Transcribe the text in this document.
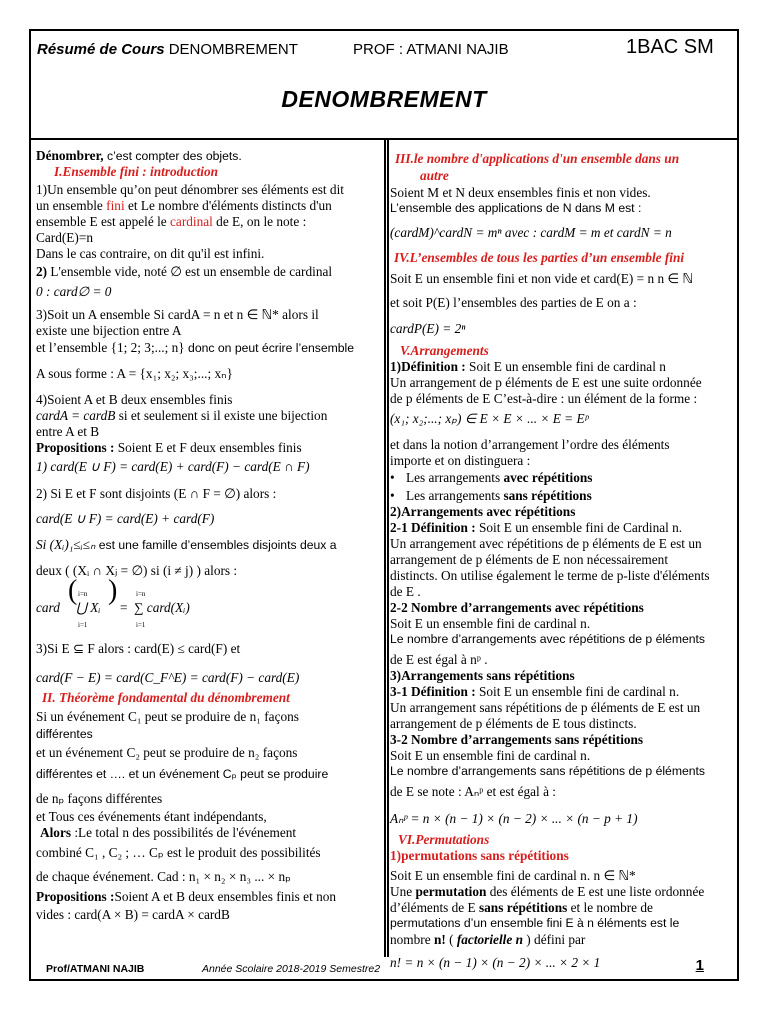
Résumé de Cours DENOMBREMENT	PROF : ATMANI NAJIB	1BAC SM
DENOMBREMENT
Dénombrer, c’est compter des objets.
I.Ensemble fini : introduction
1)Un ensemble qu’on peut dénombrer ses éléments est dit
un ensemble fini et Le nombre d'éléments distincts d'un
ensemble E est appelé le cardinal de E, on le note :
Card(E)=n
Dans le cas contraire, on dit qu'il est infini.
2) L'ensemble vide, noté ∅ est un ensemble de cardinal
0 : card∅ = 0
3)Soit un A ensemble Si cardA = n et n ∈ ℕ* alors il
existe une bijection entre A
et l’ensemble {1; 2; 3;...; n} donc on peut écrire l’ensemble
A sous forme : A = {x₁; x₂; x₃;...; xₙ}
4)Soient A et B deux ensembles finis
cardA = cardB si et seulement si il existe une bijection
entre A et B
Propositions : Soient E et F deux ensembles finis
1) card(E ∪ F) = card(E) + card(F) − card(E ∩ F)
2) Si E et F sont disjoints (E ∩ F = ∅) alors :
card(E ∪ F) = card(E) + card(F)
Si (Xᵢ)₁≤ᵢ≤ₙ est une famille d’ensembles disjoints deux a
deux ( (Xᵢ ∩ Xⱼ = ∅) si (i ≠ j) ) alors :
card
( i=n
⋃ Xᵢ
i=1
)
=
i=n
∑ card(Xᵢ)
i=1
3)Si E ⊆ F alors : card(E) ≤ card(F) et
card(F − E) = card(C_F^E) = card(F) − card(E)
II. Théorème fondamental du dénombrement
Si un événement C₁ peut se produire de n₁ façons
différentes
et un événement C₂ peut se produire de n₂ façons
différentes et …. et un événement Cₚ peut se produire
de nₚ façons différentes
et Tous ces événements étant indépendants,
Alors :Le total n des possibilités de l'événement
combiné C₁ , C₂ ; … Cₚ est le produit des possibilités
de chaque événement. Cad : n₁ × n₂ × n₃ ... × nₚ
Propositions :Soient A et B deux ensembles finis et non
vides : card(A × B) = cardA × cardB
III.le nombre d'applications d'un ensemble dans un
autre
Soient M et N deux ensembles finis et non vides.
L’ensemble des applications de N dans M est :
(cardM)^cardN = mⁿ avec : cardM = m et cardN = n
IV.L’ensembles de tous les parties d’un ensemble fini
Soit E un ensemble fini et non vide et card(E) = n n ∈ ℕ
et soit P(E) l’ensembles des parties de E on a :
cardP(E) = 2ⁿ
V.Arrangements
1)Définition : Soit E un ensemble fini de cardinal n
Un arrangement de p éléments de E est une suite ordonnée
de p éléments de E C’est-à-dire : un élément de la forme :
(x₁; x₂;...; xₚ) ∈ E × E × ... × E = Eᵖ
et dans la notion d’arrangement l’ordre des éléments
importe et on distinguera :
• Les arrangements avec répétitions
• Les arrangements sans répétitions
2)Arrangements avec répétitions
2-1 Définition : Soit E un ensemble fini de Cardinal n.
Un arrangement avec répétitions de p éléments de E est un
arrangement de p éléments de E non nécessairement
distincts. On utilise également le terme de p-liste d'éléments
de E .
2-2 Nombre d’arrangements avec répétitions
Soit E un ensemble fini de cardinal n.
Le nombre d’arrangements avec répétitions de p éléments
de E est égal à nᵖ .
3)Arrangements sans répétitions
3-1 Définition : Soit E un ensemble fini de cardinal n.
Un arrangement sans répétitions de p éléments de E est un
arrangement de p éléments de E tous distincts.
3-2 Nombre d’arrangements sans répétitions
Soit E un ensemble fini de cardinal n.
Le nombre d’arrangements sans répétitions de p éléments
de E se note : Aₙᵖ et est égal à :
Aₙᵖ = n × (n − 1) × (n − 2) × ... × (n − p + 1)
VI.Permutations
1)permutations sans répétitions
Soit E un ensemble fini de cardinal n. n ∈ ℕ*
Une permutation des éléments de E est une liste ordonnée
d’éléments de E sans répétitions et le nombre de
permutations d’un ensemble fini E à n éléments est le
nombre n! ( factorielle n ) défini par
n! = n × (n − 1) × (n − 2) × ... × 2 × 1
Prof/ATMANI NAJIB	Année Scolaire 2018-2019 Semestre2	1
